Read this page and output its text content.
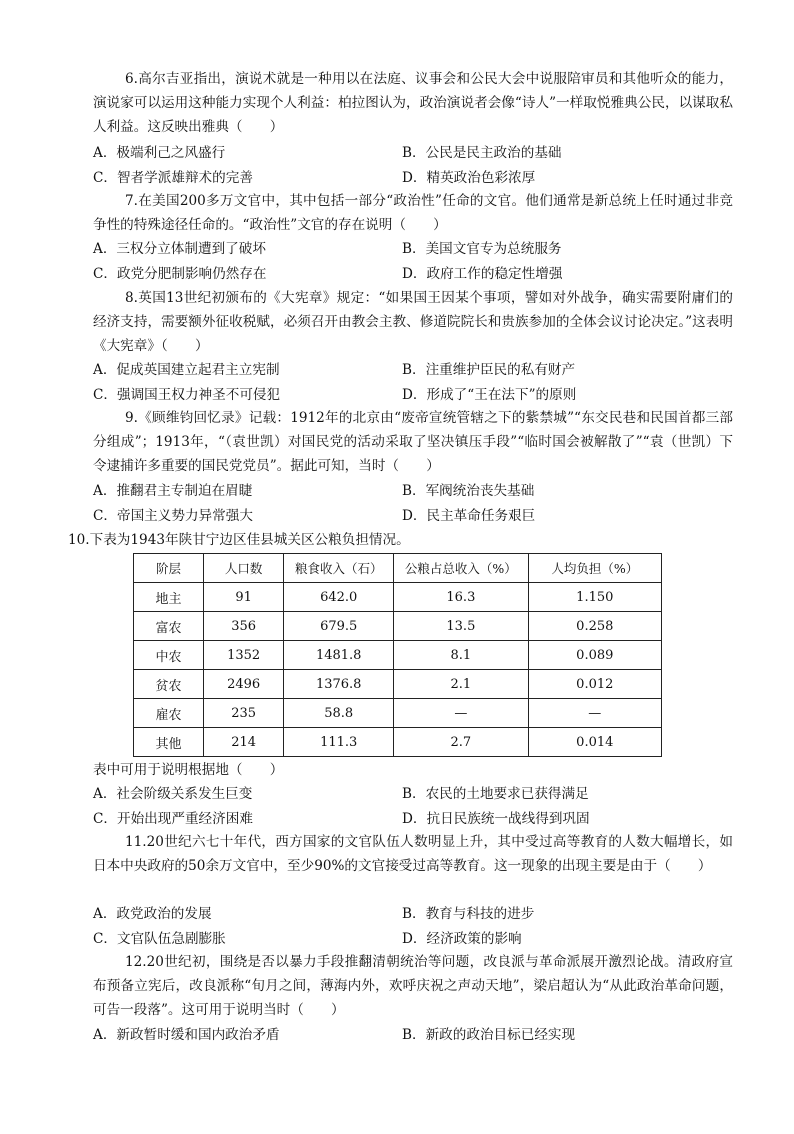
6.高尔吉亚指出，演说术就是一种用以在法庭、议事会和公民大会中说服陪审员和其他听众的能力，演说家可以运用这种能力实现个人利益：柏拉图认为，政治演说者会像“诗人”一样取悦雅典公民，以谋取私人利益。这反映出雅典（　　）

A．极端利己之风盛行	B．公民是民主政治的基础
C．智者学派雄辩术的完善	D．精英政治色彩浓厚

7.在美国200多万文官中，其中包括一部分“政治性”任命的文官。他们通常是新总统上任时通过非竞争性的特殊途径任命的。“政治性”文官的存在说明（　　）

A．三权分立体制遭到了破坏	B．美国文官专为总统服务
C．政党分肥制影响仍然存在	D．政府工作的稳定性增强

8.英国13世纪初颁布的《大宪章》规定：“如果国王因某个事项，譬如对外战争，确实需要附庸们的经济支持，需要额外征收税赋，必须召开由教会主教、修道院院长和贵族参加的全体会议讨论决定。”这表明《大宪章》（　　）

A．促成英国建立起君主立宪制	B．注重维护臣民的私有财产
C．强调国王权力神圣不可侵犯	D．形成了“王在法下”的原则

9.《顾维钧回忆录》记载：1912年的北京由“废帝宣统管辖之下的紫禁城”“东交民巷和民国首都三部分组成”；1913年，“（袁世凯）对国民党的活动采取了坚决镇压手段”“临时国会被解散了”“袁（世凯）下令逮捕许多重要的国民党党员”。据此可知，当时（　　）

A．推翻君主专制迫在眉睫	B．军阀统治丧失基础
C．帝国主义势力异常强大	D．民主革命任务艰巨

10.下表为1943年陕甘宁边区佳县城关区公粮负担情况。

阶层	人口数	粮食收入（石）	公粮占总收入（%）	人均负担（%）
地主	91	642.0	16.3	1.150
富农	356	679.5	13.5	0.258
中农	1352	1481.8	8.1	0.089
贫农	2496	1376.8	2.1	0.012
雇农	235	58.8	—	—
其他	214	111.3	2.7	0.014

表中可用于说明根据地（　　）

A．社会阶级关系发生巨变	B．农民的土地要求已获得满足
C．开始出现严重经济困难	D．抗日民族统一战线得到巩固

11.20世纪六七十年代，西方国家的文官队伍人数明显上升，其中受过高等教育的人数大幅增长，如日本中央政府的50余万文官中，至少90%的文官接受过高等教育。这一现象的出现主要是由于（　　）

A．政党政治的发展	B．教育与科技的进步
C．文官队伍急剧膨胀	D．经济政策的影响

12.20世纪初，围绕是否以暴力手段推翻清朝统治等问题，改良派与革命派展开激烈论战。清政府宣布预备立宪后，改良派称“旬月之间，薄海内外，欢呼庆祝之声动天地”，梁启超认为“从此政治革命问题，可告一段落”。这可用于说明当时（　　）

A．新政暂时缓和国内政治矛盾	B．新政的政治目标已经实现
